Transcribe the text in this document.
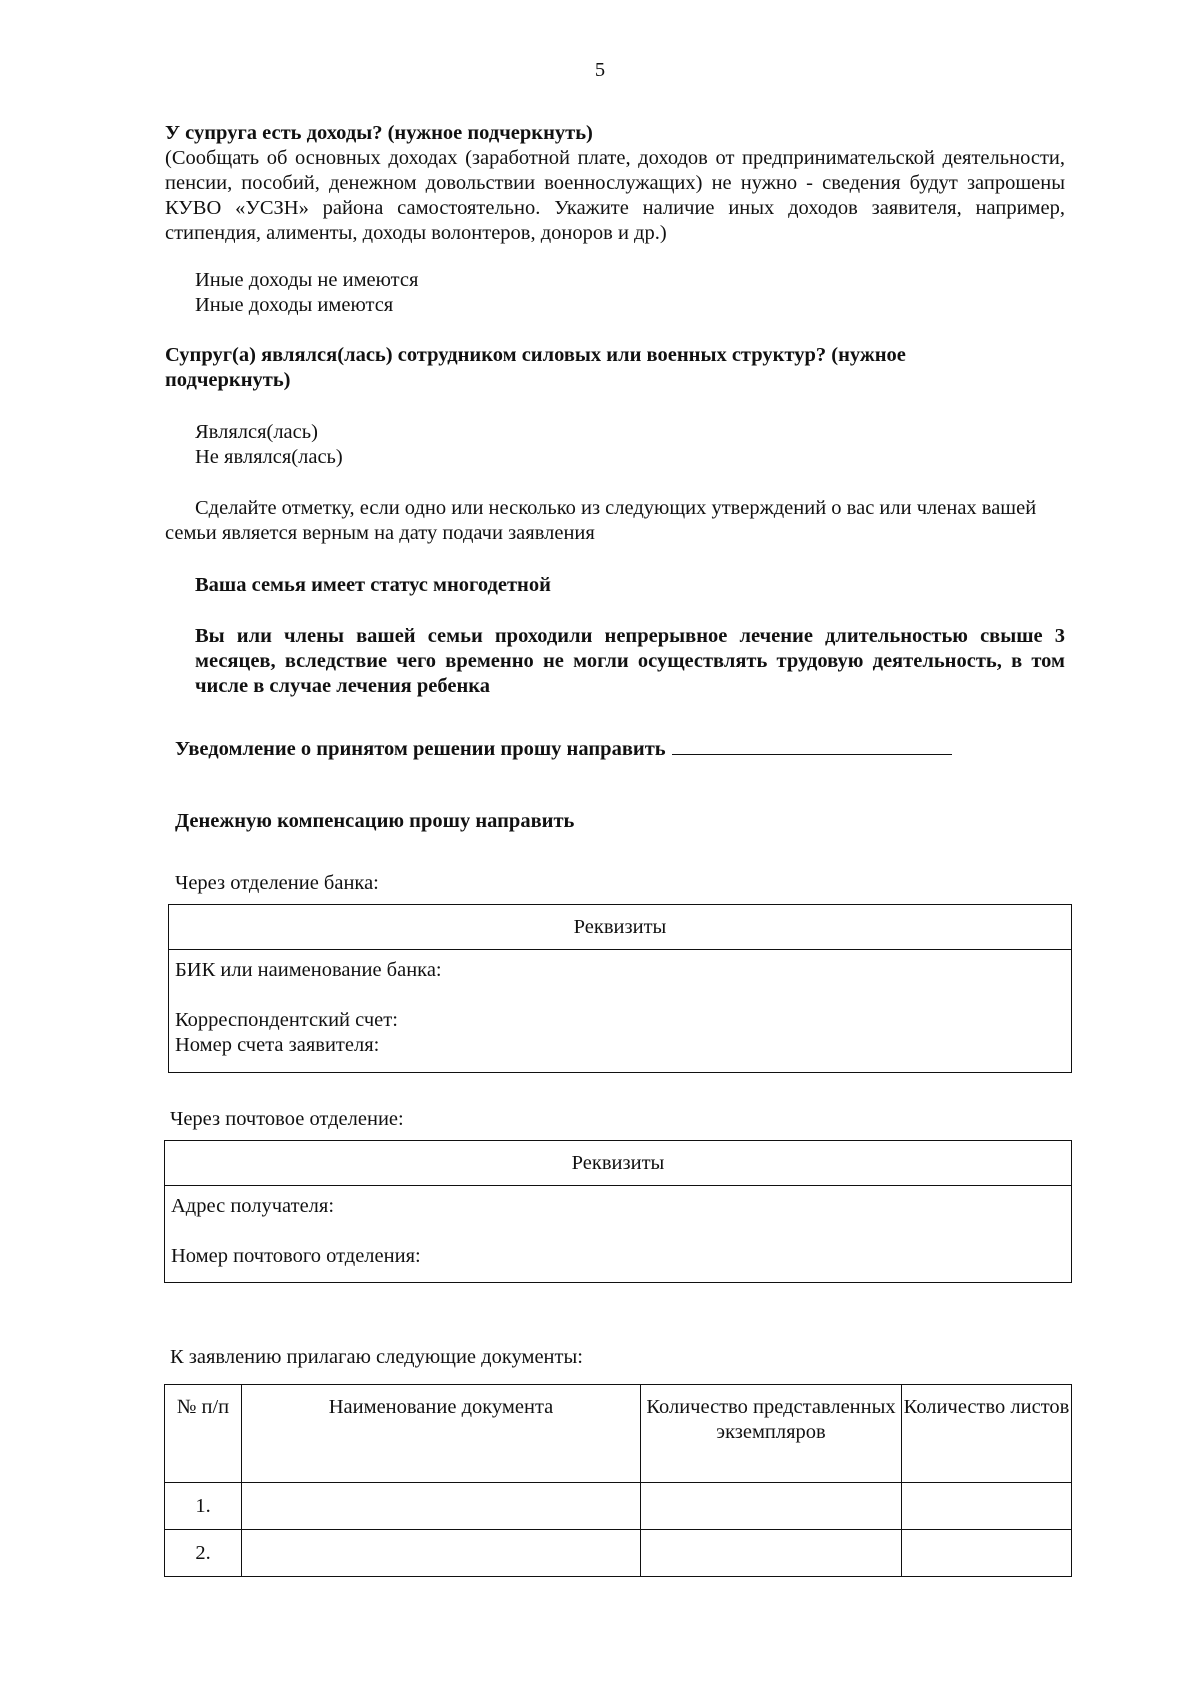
5
У супруга есть доходы? (нужное подчеркнуть)
(Сообщать об основных доходах (заработной плате, доходов от предпринимательской деятельности, пенсии, пособий, денежном довольствии военнослужащих) не нужно - сведения будут запрошены КУВО «УСЗН» района самостоятельно. Укажите наличие иных доходов заявителя, например, стипендия, алименты, доходы волонтеров, доноров и др.)
Иные доходы не имеются
Иные доходы имеются
Супруг(а) являлся(лась) сотрудником силовых или военных структур? (нужное подчеркнуть)
Являлся(лась)
Не являлся(лась)
Сделайте отметку, если одно или несколько из следующих утверждений о вас или членах вашей семьи является верным на дату подачи заявления
Ваша семья имеет статус многодетной
Вы или члены вашей семьи проходили непрерывное лечение длительностью свыше 3 месяцев, вследствие чего временно не могли осуществлять трудовую деятельность, в том числе в случае лечения ребенка
Уведомление о принятом решении прошу направить
Денежную компенсацию прошу направить
Через отделение банка:
Реквизиты

БИК или наименование банка:
Корреспондентский счет:
Номер счета заявителя:
Через почтовое отделение:
Реквизиты

Адрес получателя:
Номер почтового отделения:
К заявлению прилагаю следующие документы:
№ п/п	Наименование документа	Количество представленных экземпляров	Количество листов
1.			
2.			
